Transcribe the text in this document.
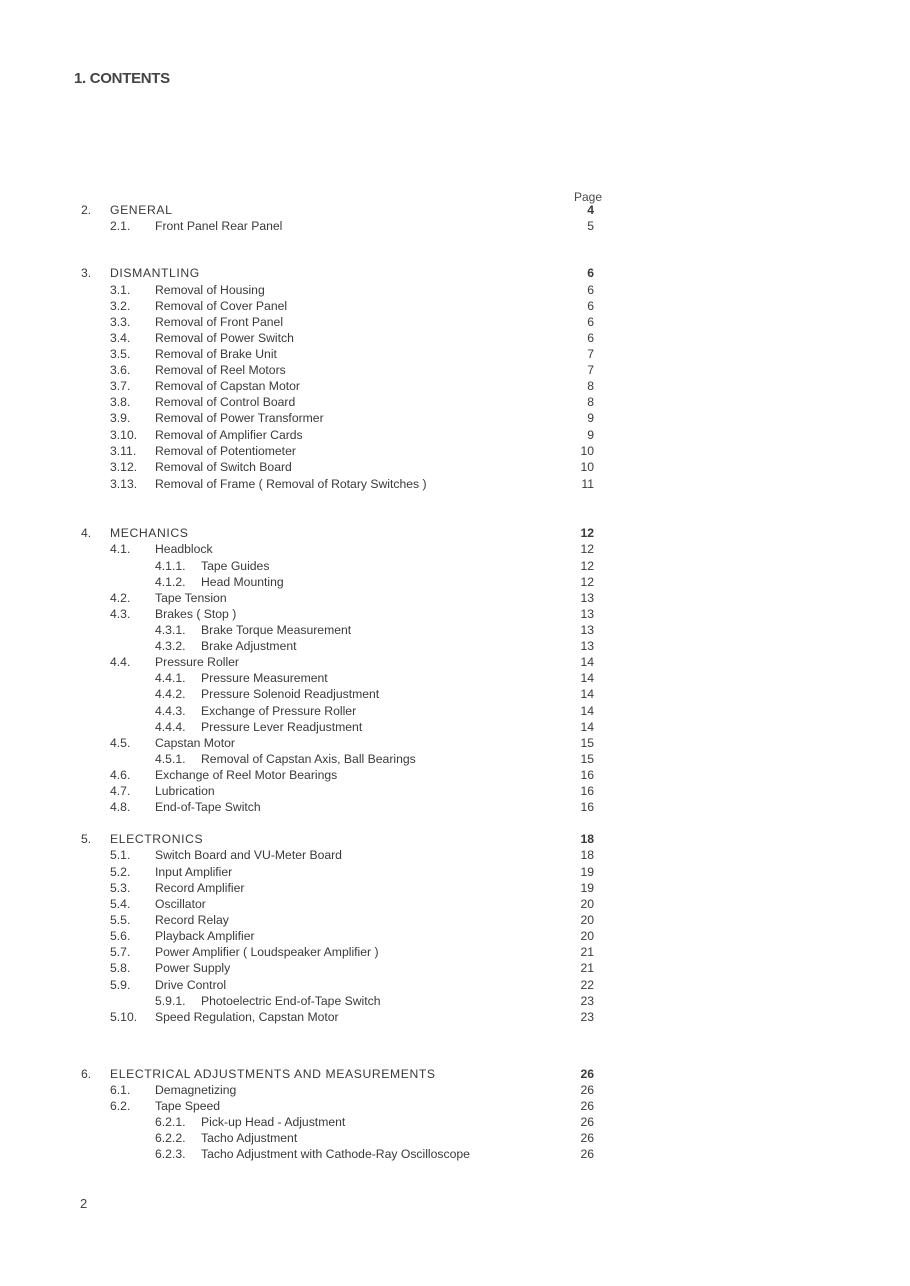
1. CONTENTS
Page
2. GENERAL	4
2.1. Front Panel Rear Panel	5
3. DISMANTLING	6
3.1. Removal of Housing	6
3.2. Removal of Cover Panel	6
3.3. Removal of Front Panel	6
3.4. Removal of Power Switch	6
3.5. Removal of Brake Unit	7
3.6. Removal of Reel Motors	7
3.7. Removal of Capstan Motor	8
3.8. Removal of Control Board	8
3.9. Removal of Power Transformer	9
3.10. Removal of Amplifier Cards	9
3.11. Removal of Potentiometer	10
3.12. Removal of Switch Board	10
3.13. Removal of Frame ( Removal of Rotary Switches )	11
4. MECHANICS	12
4.1. Headblock	12
4.1.1. Tape Guides	12
4.1.2. Head Mounting	12
4.2. Tape Tension	13
4.3. Brakes ( Stop )	13
4.3.1. Brake Torque Measurement	13
4.3.2. Brake Adjustment	13
4.4. Pressure Roller	14
4.4.1. Pressure Measurement	14
4.4.2. Pressure Solenoid Readjustment	14
4.4.3. Exchange of Pressure Roller	14
4.4.4. Pressure Lever Readjustment	14
4.5. Capstan Motor	15
4.5.1. Removal of Capstan Axis, Ball Bearings	15
4.6. Exchange of Reel Motor Bearings	16
4.7. Lubrication	16
4.8. End-of-Tape Switch	16
5. ELECTRONICS	18
5.1. Switch Board and VU-Meter Board	18
5.2. Input Amplifier	19
5.3. Record Amplifier	19
5.4. Oscillator	20
5.5. Record Relay	20
5.6. Playback Amplifier	20
5.7. Power Amplifier ( Loudspeaker Amplifier )	21
5.8. Power Supply	21
5.9. Drive Control	22
5.9.1. Photoelectric End-of-Tape Switch	23
5.10. Speed Regulation, Capstan Motor	23
6. ELECTRICAL ADJUSTMENTS AND MEASUREMENTS	26
6.1. Demagnetizing	26
6.2. Tape Speed	26
6.2.1. Pick-up Head - Adjustment	26
6.2.2. Tacho Adjustment	26
6.2.3. Tacho Adjustment with Cathode-Ray Oscilloscope	26
2
